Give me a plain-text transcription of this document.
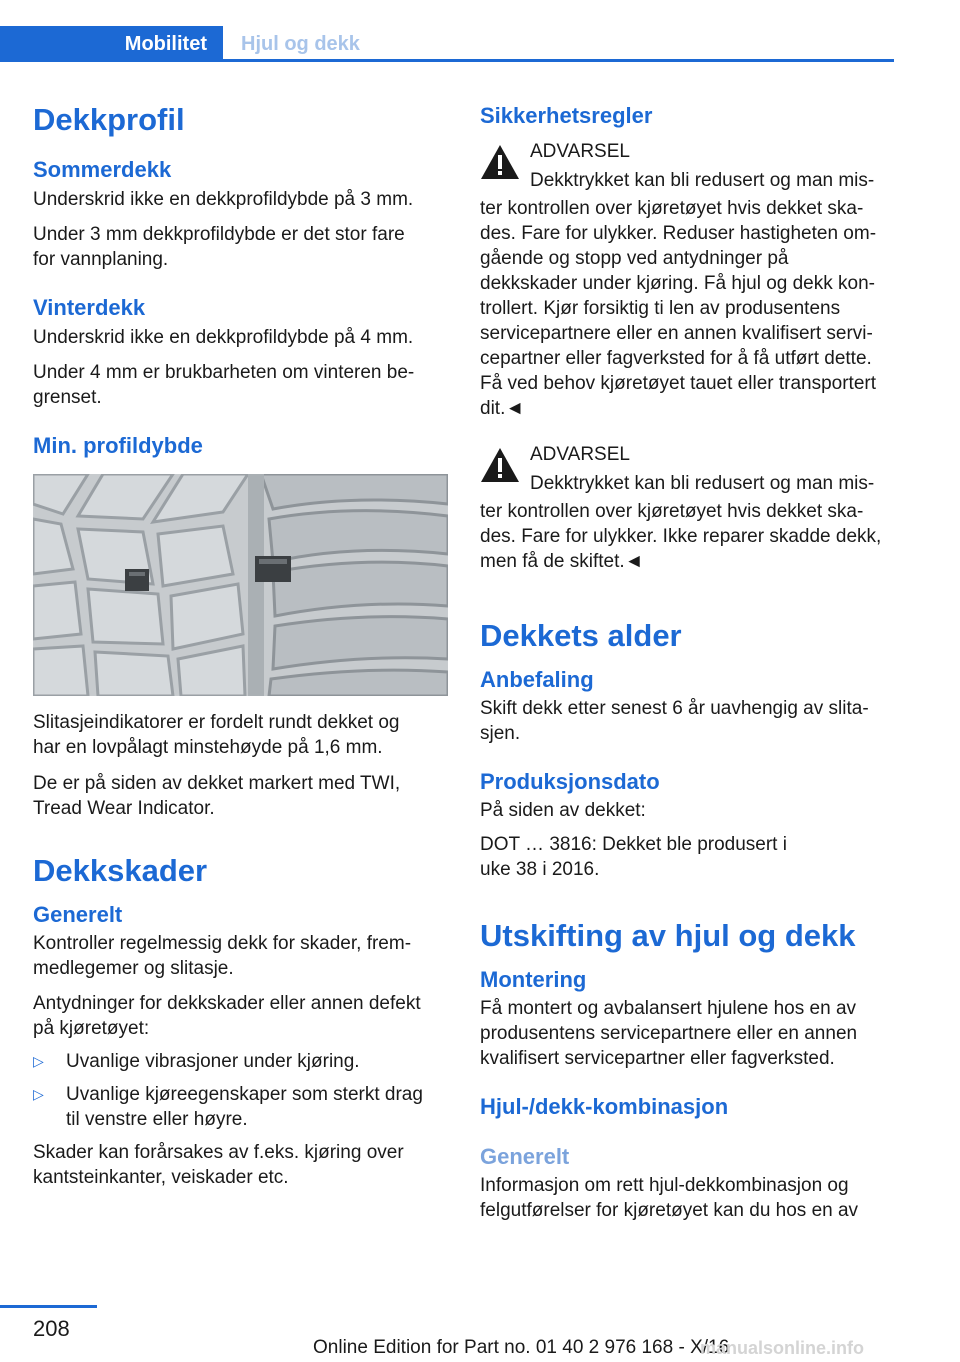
Mobilitet	Hjul og dekk
Dekkprofil
Sommerdekk

Underskrid ikke en dekkprofildybde på 3 mm.

Under 3 mm dekkprofildybde er det stor fare
for vannplaning.

Vinterdekk

Underskrid ikke en dekkprofildybde på 4 mm.

Under 4 mm er brukbarheten om vinteren be‐
grenset.

Min. profildybde

Slitasjeindikatorer er fordelt rundt dekket og
har en lovpålagt minstehøyde på 1,6 mm.

De er på siden av dekket markert med TWI,
Tread Wear Indicator.

Dekkskader
Generelt

Kontroller regelmessig dekk for skader, frem‐
medlegemer og slitasje.

Antydninger for dekkskader eller annen defekt
på kjøretøyet:

▷	Uvanlige vibrasjoner under kjøring.
▷	Uvanlige kjøreegenskaper som sterkt drag
til venstre eller høyre.

Skader kan forårsakes av f.eks. kjøring over
kantsteinkanter, veiskader etc.

Sikkerhetsregler
ADVARSEL
Dekktrykket kan bli redusert og man mis‐
ter kontrollen over kjøretøyet hvis dekket ska‐
des. Fare for ulykker. Reduser hastigheten om‐
gående og stopp ved antydninger på
dekkskader under kjøring. Få hjul og dekk kon‐
trollert. Kjør forsiktig ti len av produsentens
servicepartnere eller en annen kvalifisert servi‐
cepartner eller fagverksted for å få utført dette.
Få ved behov kjøretøyet tauet eller transportert
dit.◄
ADVARSEL
Dekktrykket kan bli redusert og man mis‐
ter kontrollen over kjøretøyet hvis dekket ska‐
des. Fare for ulykker. Ikke reparer skadde dekk,
men få de skiftet.◄
Dekkets alder
Anbefaling

Skift dekk etter senest 6 år uavhengig av slita‐
sjen.

Produksjonsdato

På siden av dekket:

DOT … 3816: Dekket ble produsert i
uke 38 i 2016.

Utskifting av hjul og dekk
Montering

Få montert og avbalansert hjulene hos en av
produsentens servicepartnere eller en annen
kvalifisert servicepartner eller fagverksted.

Hjul-/dekk-kombinasjon
Generelt

Informasjon om rett hjul-dekkombinasjon og
felgutførelser for kjøretøyet kan du hos en av

208
Online Edition for Part no. 01 40 2 976 168 - X/16
manualsonline.info
